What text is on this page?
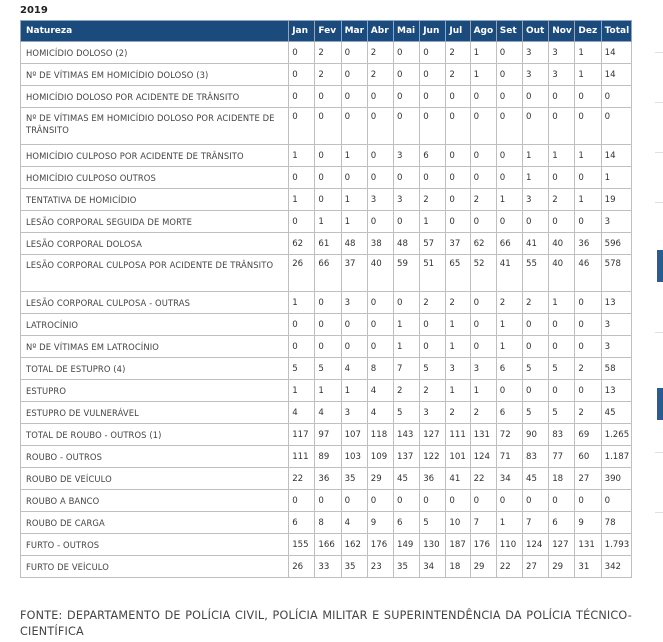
2019
Natureza	Jan	Fev	Mar	Abr	Mai	Jun	Jul	Ago	Set	Out	Nov	Dez	Total
HOMICÍDIO DOLOSO (2)	0	2	0	2	0	0	2	1	0	3	3	1	14
Nº DE VÍTIMAS EM HOMICÍDIO DOLOSO (3)	0	2	0	2	0	0	2	1	0	3	3	1	14
HOMICÍDIO DOLOSO POR ACIDENTE DE TRÂNSITO	0	0	0	0	0	0	0	0	0	0	0	0	0
Nº DE VÍTIMAS EM HOMICÍDIO DOLOSO POR ACIDENTE DE TRÂNSITO	0	0	0	0	0	0	0	0	0	0	0	0	0
HOMICÍDIO CULPOSO POR ACIDENTE DE TRÂNSITO	1	0	1	0	3	6	0	0	0	1	1	1	14
HOMICÍDIO CULPOSO OUTROS	0	0	0	0	0	0	0	0	0	1	0	0	1
TENTATIVA DE HOMICÍDIO	1	0	1	3	3	2	0	2	1	3	2	1	19
LESÃO CORPORAL SEGUIDA DE MORTE	0	1	1	0	0	1	0	0	0	0	0	0	3
LESÃO CORPORAL DOLOSA	62	61	48	38	48	57	37	62	66	41	40	36	596
LESÃO CORPORAL CULPOSA POR ACIDENTE DE TRÂNSITO	26	66	37	40	59	51	65	52	41	55	40	46	578
LESÃO CORPORAL CULPOSA - OUTRAS	1	0	3	0	0	2	2	0	2	2	1	0	13
LATROCÍNIO	0	0	0	0	1	0	1	0	1	0	0	0	3
Nº DE VÍTIMAS EM LATROCÍNIO	0	0	0	0	1	0	1	0	1	0	0	0	3
TOTAL DE ESTUPRO (4)	5	5	4	8	7	5	3	3	6	5	5	2	58
ESTUPRO	1	1	1	4	2	2	1	1	0	0	0	0	13
ESTUPRO DE VULNERÁVEL	4	4	3	4	5	3	2	2	6	5	5	2	45
TOTAL DE ROUBO - OUTROS (1)	117	97	107	118	143	127	111	131	72	90	83	69	1.265
ROUBO - OUTROS	111	89	103	109	137	122	101	124	71	83	77	60	1.187
ROUBO DE VEÍCULO	22	36	35	29	45	36	41	22	34	45	18	27	390
ROUBO A BANCO	0	0	0	0	0	0	0	0	0	0	0	0	0
ROUBO DE CARGA	6	8	4	9	6	5	10	7	1	7	6	9	78
FURTO - OUTROS	155	166	162	176	149	130	187	176	110	124	127	131	1.793
FURTO DE VEÍCULO	26	33	35	23	35	34	18	29	22	27	29	31	342
FONTE: DEPARTAMENTO DE POLÍCIA CIVIL, POLÍCIA MILITAR E SUPERINTENDÊNCIA DA POLÍCIA TÉCNICO-CIENTÍFICA
